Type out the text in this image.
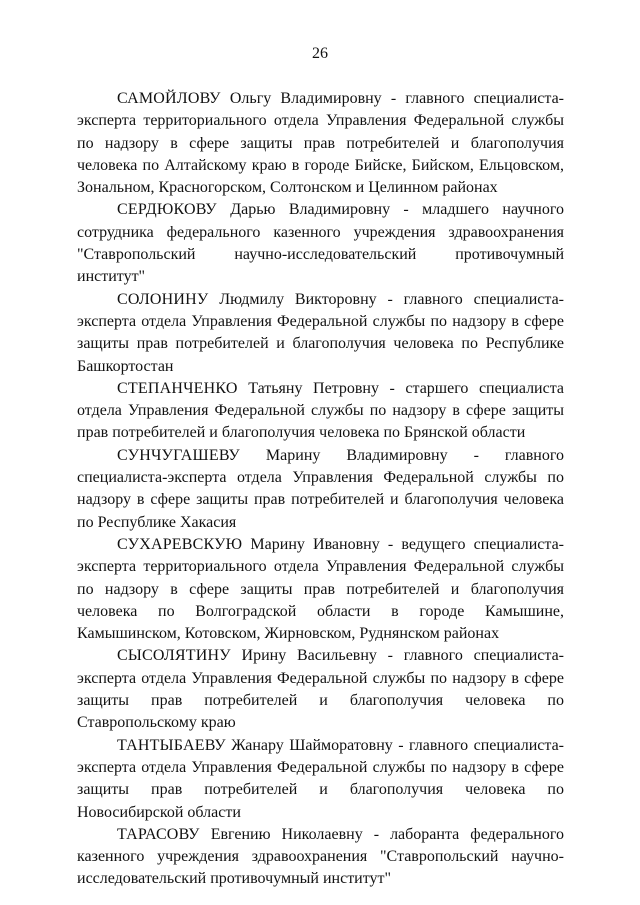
26

САМОЙЛОВУ Ольгу Владимировну - главного специалиста-эксперта территориального отдела Управления Федеральной службы по надзору в сфере защиты прав потребителей и благополучия человека по Алтайскому краю в городе Бийске, Бийском, Ельцовском, Зональном, Красногорском, Солтонском и Целинном районах

СЕРДЮКОВУ Дарью Владимировну - младшего научного сотрудника федерального казенного учреждения здравоохранения "Ставропольский научно-исследовательский противочумный институт"

СОЛОНИНУ Людмилу Викторовну - главного специалиста-эксперта отдела Управления Федеральной службы по надзору в сфере защиты прав потребителей и благополучия человека по Республике Башкортостан

СТЕПАНЧЕНКО Татьяну Петровну - старшего специалиста отдела Управления Федеральной службы по надзору в сфере защиты прав потребителей и благополучия человека по Брянской области

СУНЧУГАШЕВУ Марину Владимировну - главного специалиста-эксперта отдела Управления Федеральной службы по надзору в сфере защиты прав потребителей и благополучия человека по Республике Хакасия

СУХАРЕВСКУЮ Марину Ивановну - ведущего специалиста-эксперта территориального отдела Управления Федеральной службы по надзору в сфере защиты прав потребителей и благополучия человека по Волгоградской области в городе Камышине, Камышинском, Котовском, Жирновском, Руднянском районах

СЫСОЛЯТИНУ Ирину Васильевну - главного специалиста-эксперта отдела Управления Федеральной службы по надзору в сфере защиты прав потребителей и благополучия человека по Ставропольскому краю

ТАНТЫБАЕВУ Жанару Шайморатовну - главного специалиста-эксперта отдела Управления Федеральной службы по надзору в сфере защиты прав потребителей и благополучия человека по Новосибирской области

ТАРАСОВУ Евгению Николаевну - лаборанта федерального казенного учреждения здравоохранения "Ставропольский научно-исследовательский противочумный институт"
